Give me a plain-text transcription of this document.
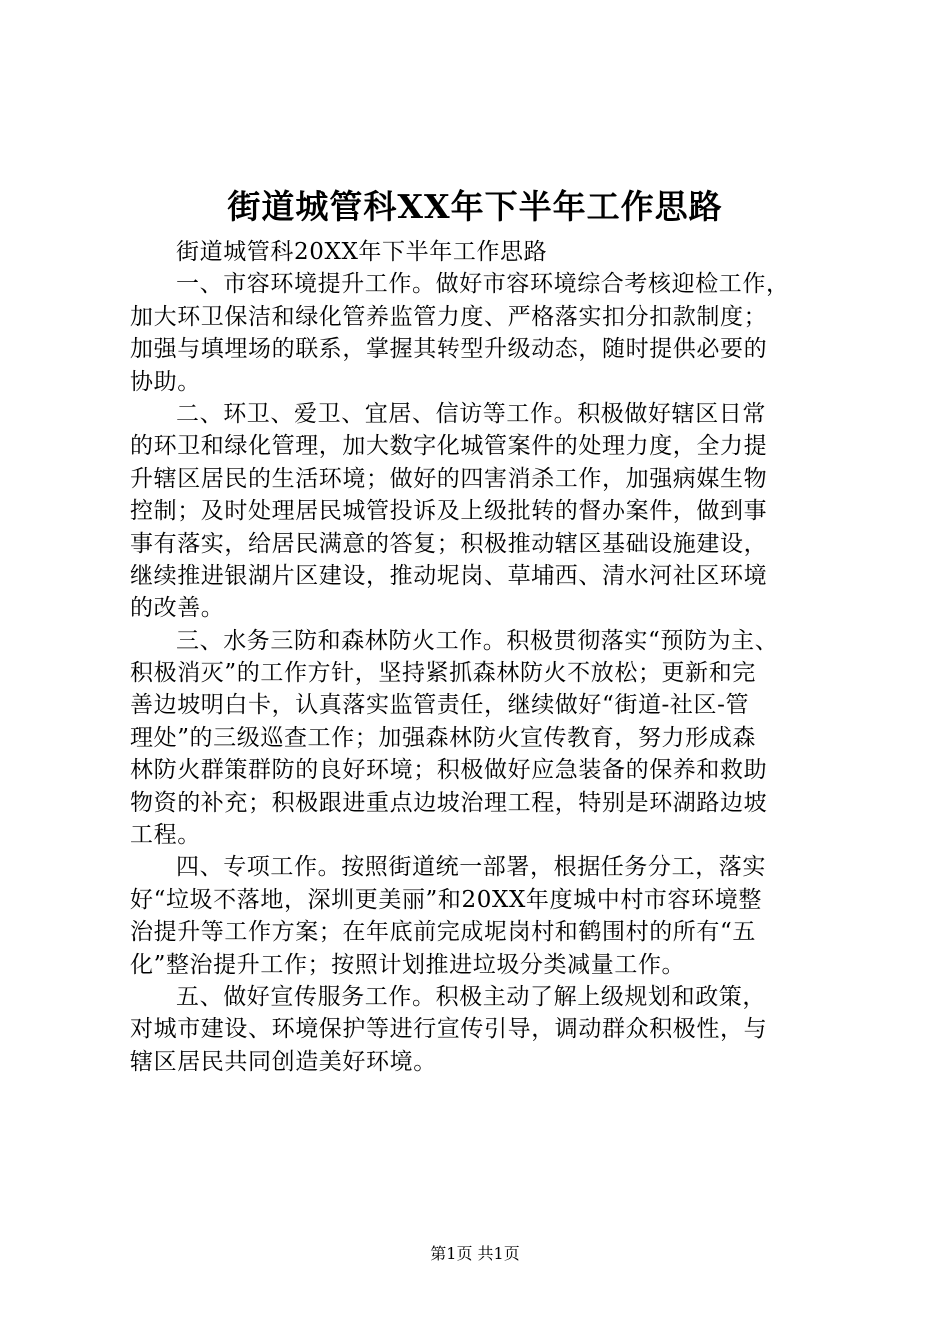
街道城管科XX年下半年工作思路
街道城管科20XX年下半年工作思路
一、市容环境提升工作。做好市容环境综合考核迎检工作，
加大环卫保洁和绿化管养监管力度、严格落实扣分扣款制度；
加强与填埋场的联系，掌握其转型升级动态，随时提供必要的
协助。
二、环卫、爱卫、宜居、信访等工作。积极做好辖区日常
的环卫和绿化管理，加大数字化城管案件的处理力度，全力提
升辖区居民的生活环境；做好的四害消杀工作，加强病媒生物
控制；及时处理居民城管投诉及上级批转的督办案件，做到事
事有落实，给居民满意的答复；积极推动辖区基础设施建设，
继续推进银湖片区建设，推动坭岗、草埔西、清水河社区环境
的改善。
三、水务三防和森林防火工作。积极贯彻落实“预防为主、
积极消灭”的工作方针，坚持紧抓森林防火不放松；更新和完
善边坡明白卡，认真落实监管责任，继续做好“街道-社区-管
理处”的三级巡查工作；加强森林防火宣传教育，努力形成森
林防火群策群防的良好环境；积极做好应急装备的保养和救助
物资的补充；积极跟进重点边坡治理工程，特别是环湖路边坡
工程。
四、专项工作。按照街道统一部署，根据任务分工，落实
好“垃圾不落地，深圳更美丽”和20XX年度城中村市容环境整
治提升等工作方案；在年底前完成坭岗村和鹤围村的所有“五
化”整治提升工作；按照计划推进垃圾分类减量工作。
五、做好宣传服务工作。积极主动了解上级规划和政策，
对城市建设、环境保护等进行宣传引导，调动群众积极性，与
辖区居民共同创造美好环境。
第1页 共1页
